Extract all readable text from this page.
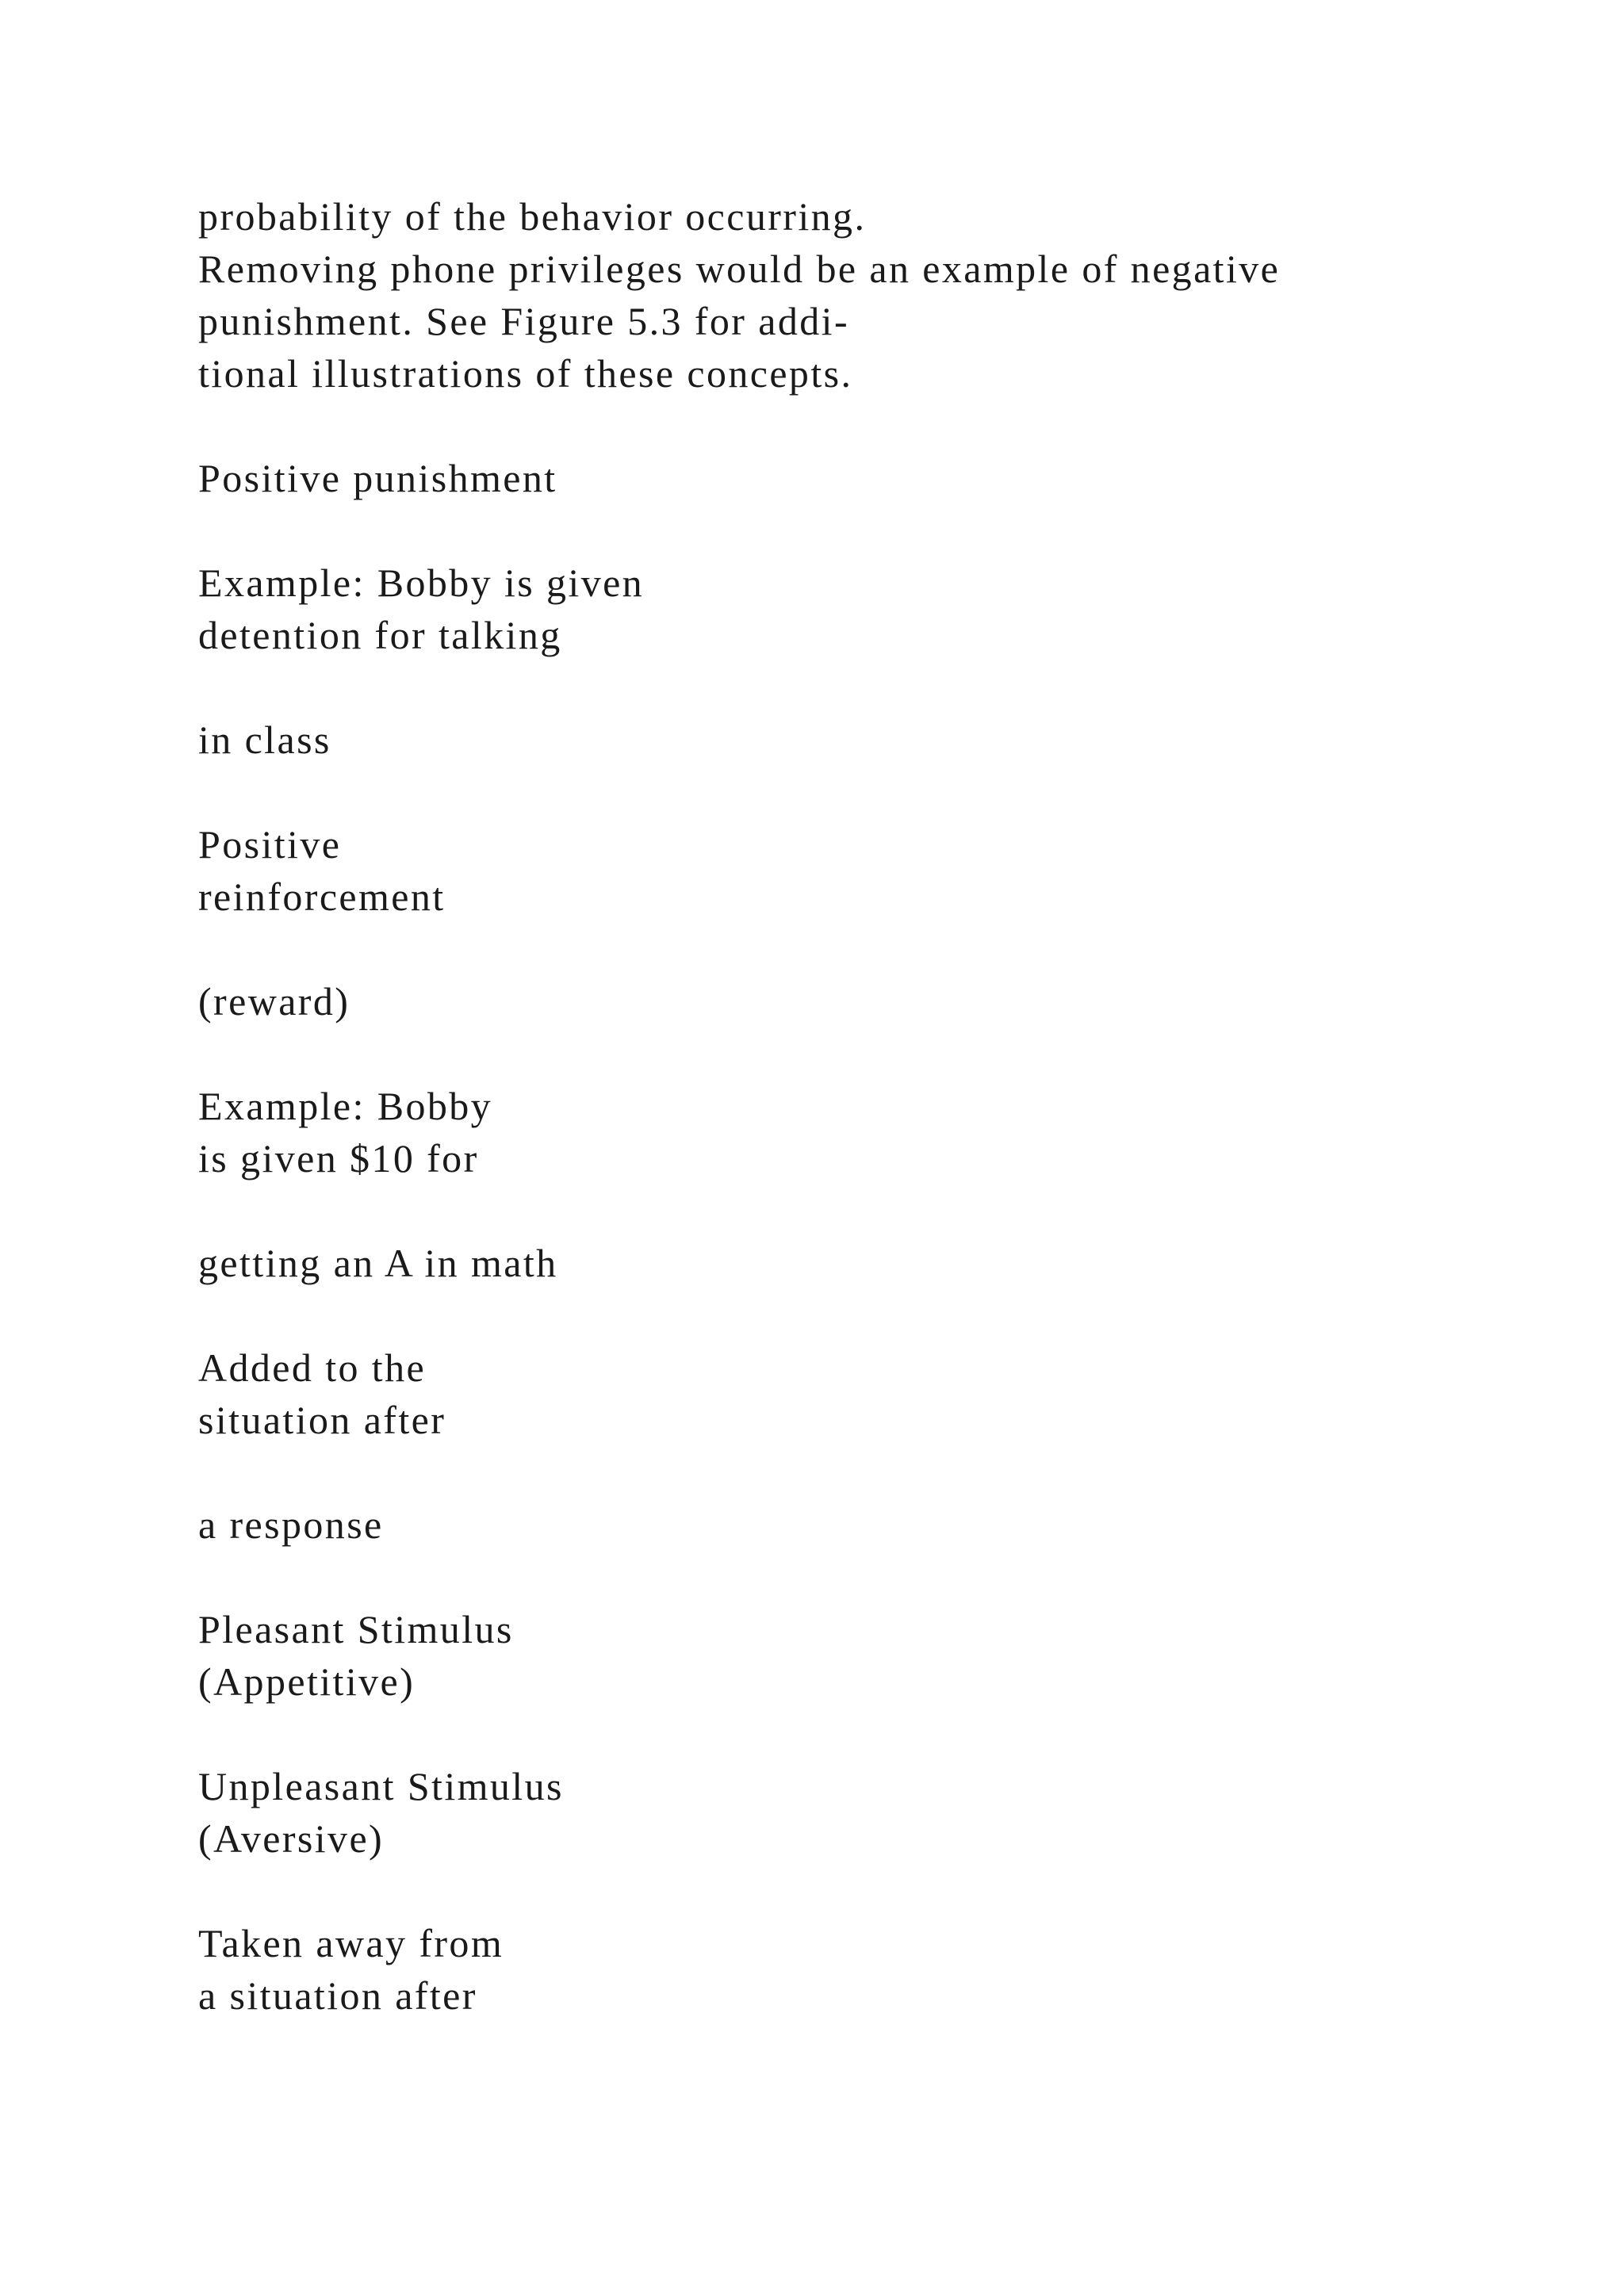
probability of the behavior occurring.
Removing phone privileges would be an example of negative
punishment. See Figure 5.3 for addi-
tional illustrations of these concepts.
Positive punishment
Example: Bobby is given
detention for talking
in class
Positive
reinforcement
(reward)
Example: Bobby
is given $10 for
getting an A in math
Added to the
situation after
a response
Pleasant Stimulus
(Appetitive)
Unpleasant Stimulus
(Aversive)
Taken away from
a situation after
